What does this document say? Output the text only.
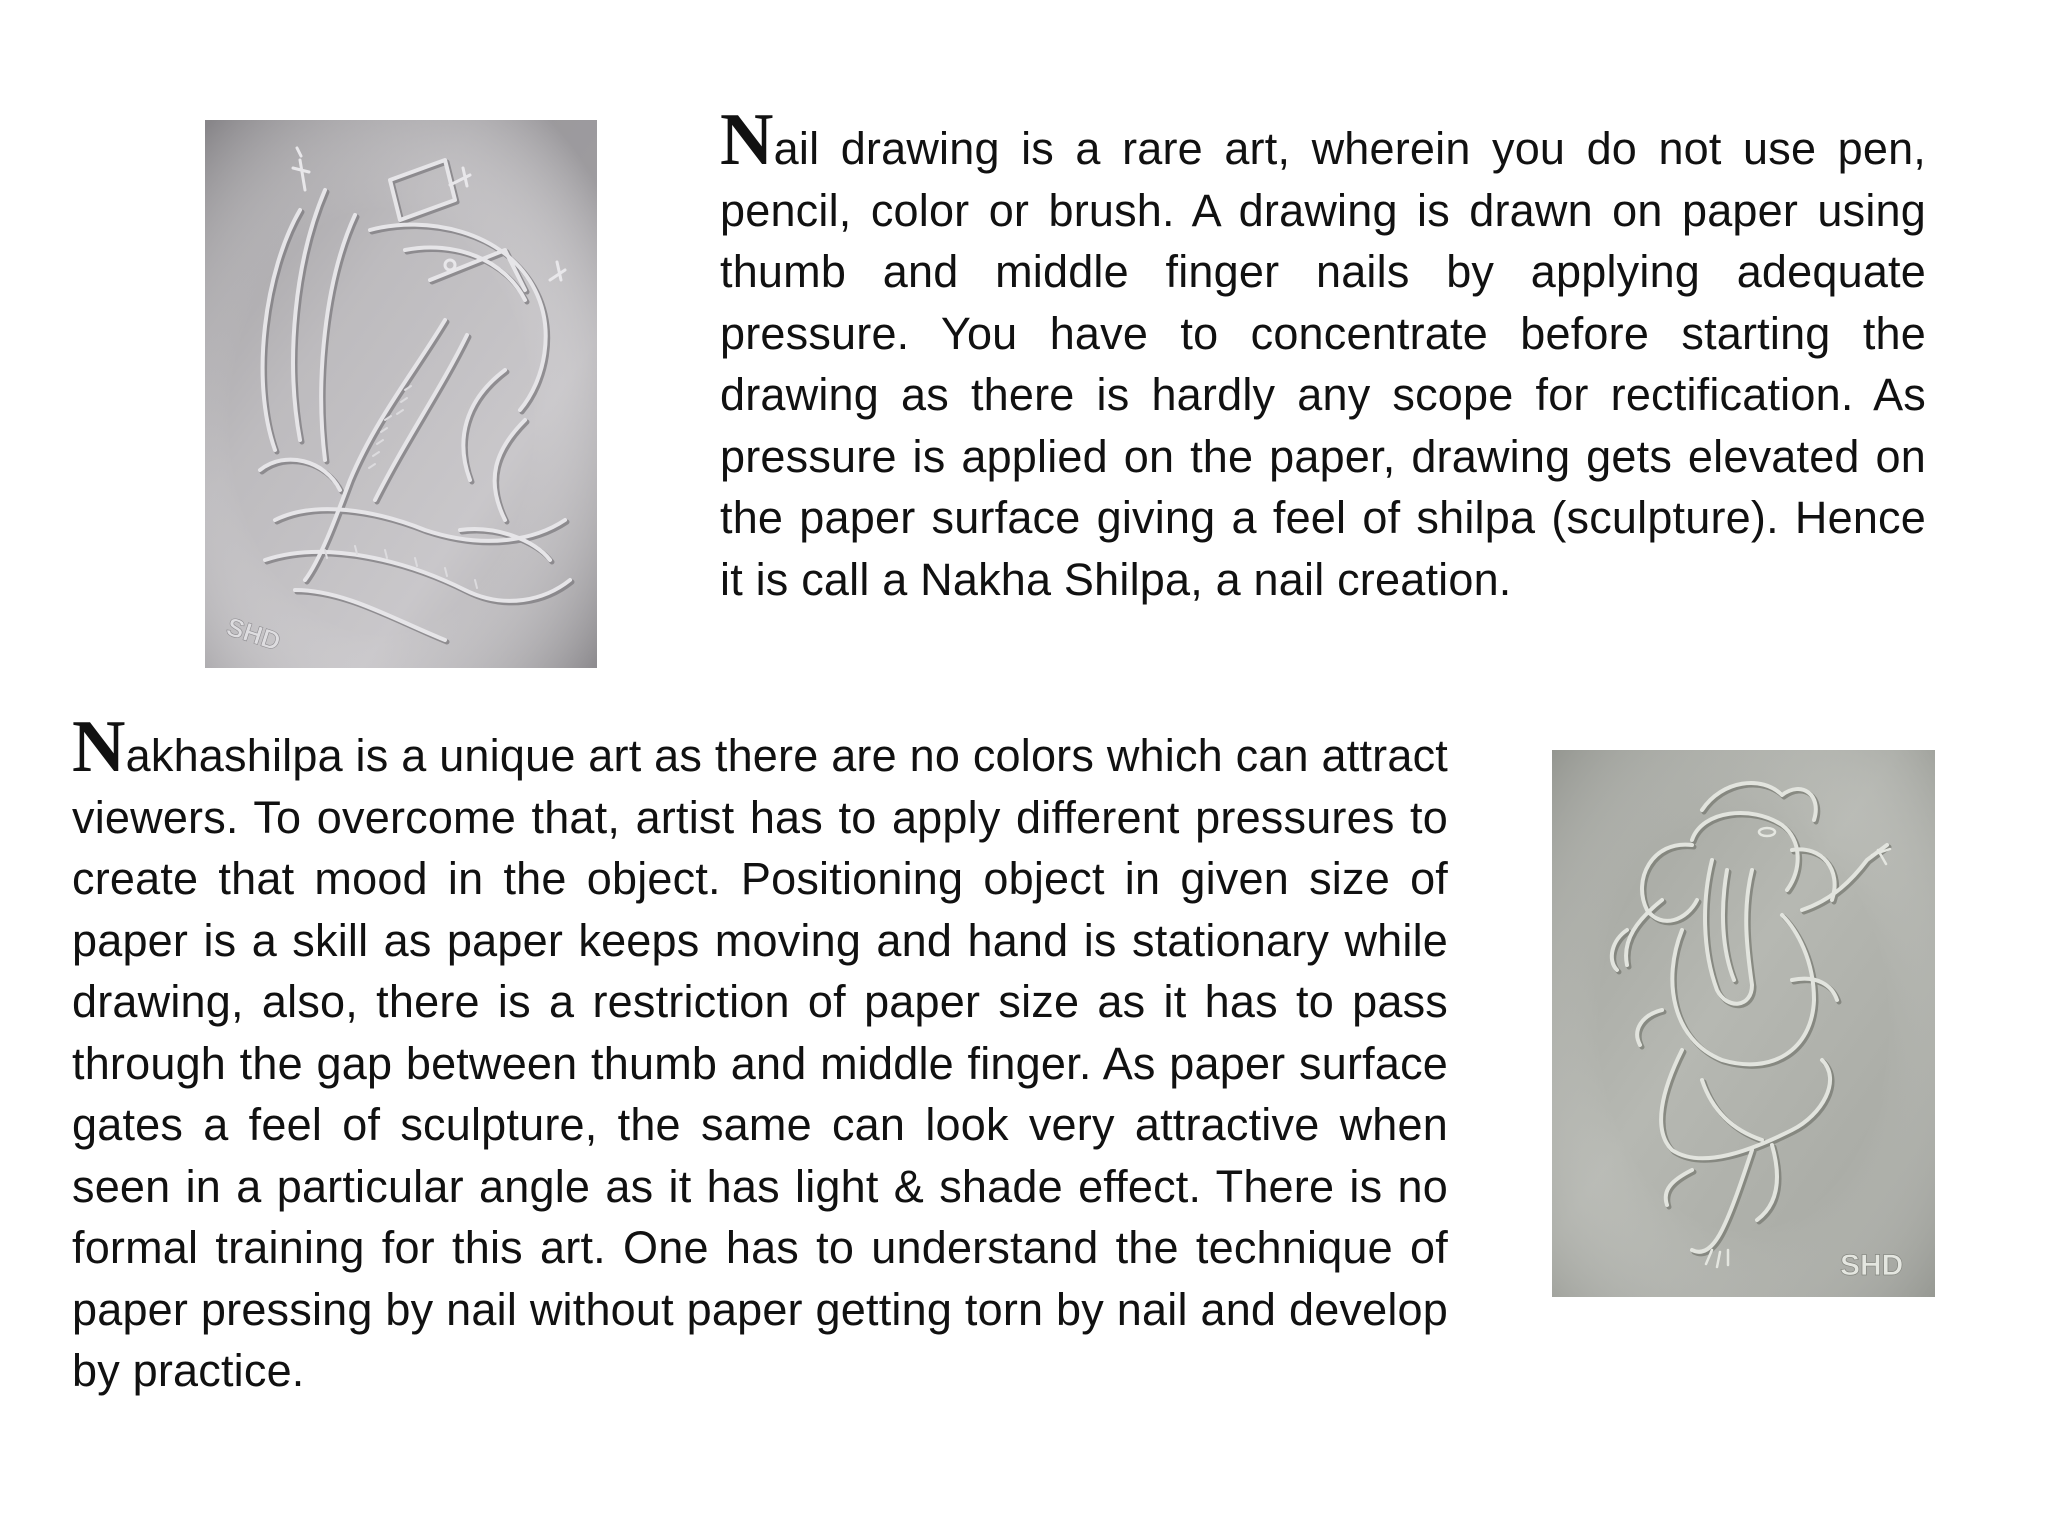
SHD

Nail drawing is a rare art, wherein you do not use pen, pencil, color or brush. A drawing is drawn on paper using thumb and middle finger nails by applying adequate pressure. You have to concentrate before starting the drawing as there is hardly any scope for rectification. As pressure is applied on the paper, drawing gets elevated on the paper surface giving a feel of shilpa (sculpture). Hence it is call a Nakha Shilpa, a nail creation.

Nakhashilpa is a unique art as there are no colors which can attract viewers. To overcome that, artist has to apply different pressures to create that mood in the object. Positioning object in given size of paper is a skill as paper keeps moving and hand is stationary while drawing, also, there is a restriction of paper size as it has to pass through the gap between thumb and middle finger. As paper surface gates a feel of sculpture, the same can look very attractive when seen in a particular angle as it has light & shade effect. There is no formal training for this art. One has to understand the technique of paper pressing by nail without paper getting torn by nail and develop by practice.

SHD
